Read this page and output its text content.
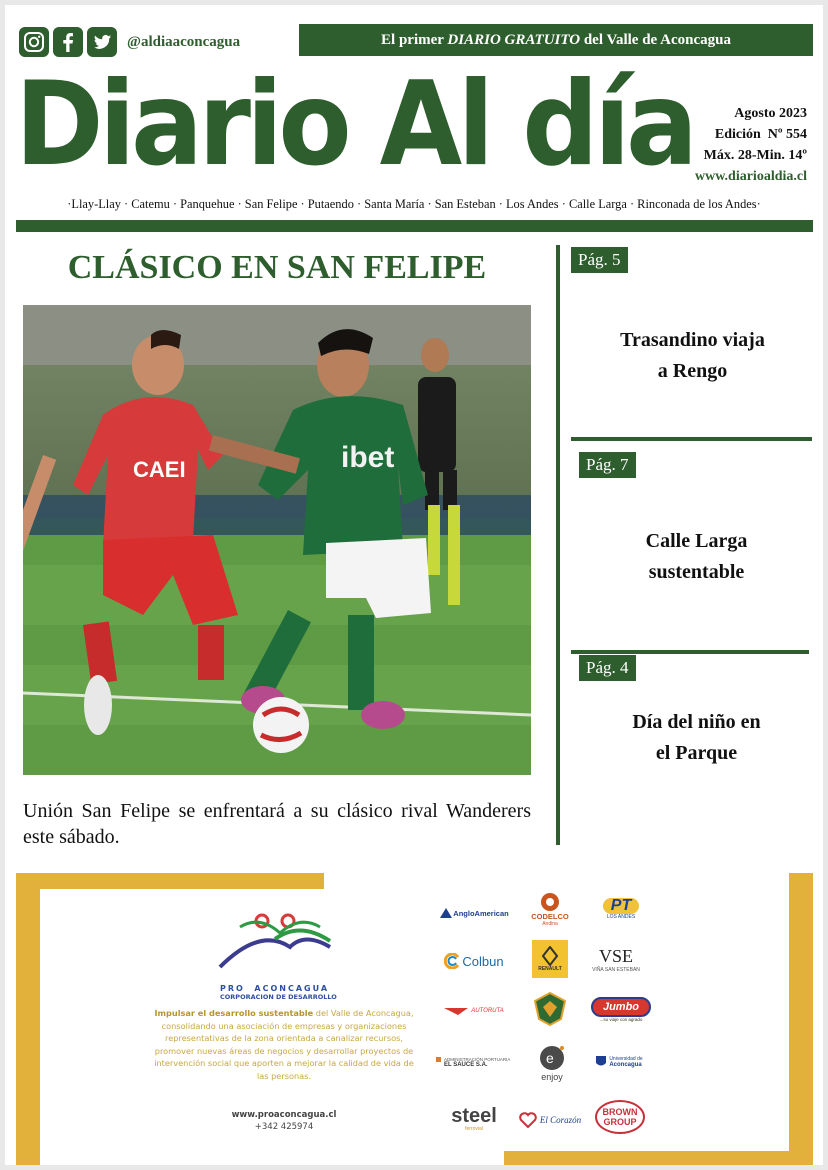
@aldiaaconcagua	El primer DIARIO GRATUITO del Valle de Aconcagua
Diario Al día	Agosto 2023
Edición  Nº 554
Máx. 28-Min. 14º
www.diarioaldia.cl
·Llay-Llay · Catemu · Panquehue · San Felipe · Putaendo · Santa María · San Esteban · Los Andes · Calle Larga · Rinconada de los Andes·
CLÁSICO EN SAN FELIPE
CAEI	ibet

Unión San Felipe se enfrentará a su clásico rival Wanderers este sábado.

Pág. 5
Trasandino viaja
a Rengo
Pág. 7
Calle Larga
sustentable
Pág. 4
Día del niño en
el Parque
PRO  ACONCAGUA
CORPORACION DE DESARROLLO
Impulsar el desarrollo sustentable del Valle de Aconcagua, consolidando una asociación de empresas y organizaciones representativas de la zona orientada a canalizar recursos, promover nuevas áreas de negocios y desarrollar proyectos de intervención social que aporten a mejorar la calidad de vida de las personas.
www.proaconcagua.cl
+342 425974
AngloAmerican	CODELCO
Andina
PT
LOS ANDES
Colbun
RENAULT
VSE
VIÑA SAN ESTEBAN
AUTORUTA	Jumbo
...su viaje con agrado
ADMINISTRACIÓN PORTUARIA
EL SAUCE S.A.	e
enjoy
Universidad de
Aconcagua
steel
ferrovial
El Corazón
BROWN
GROUP
